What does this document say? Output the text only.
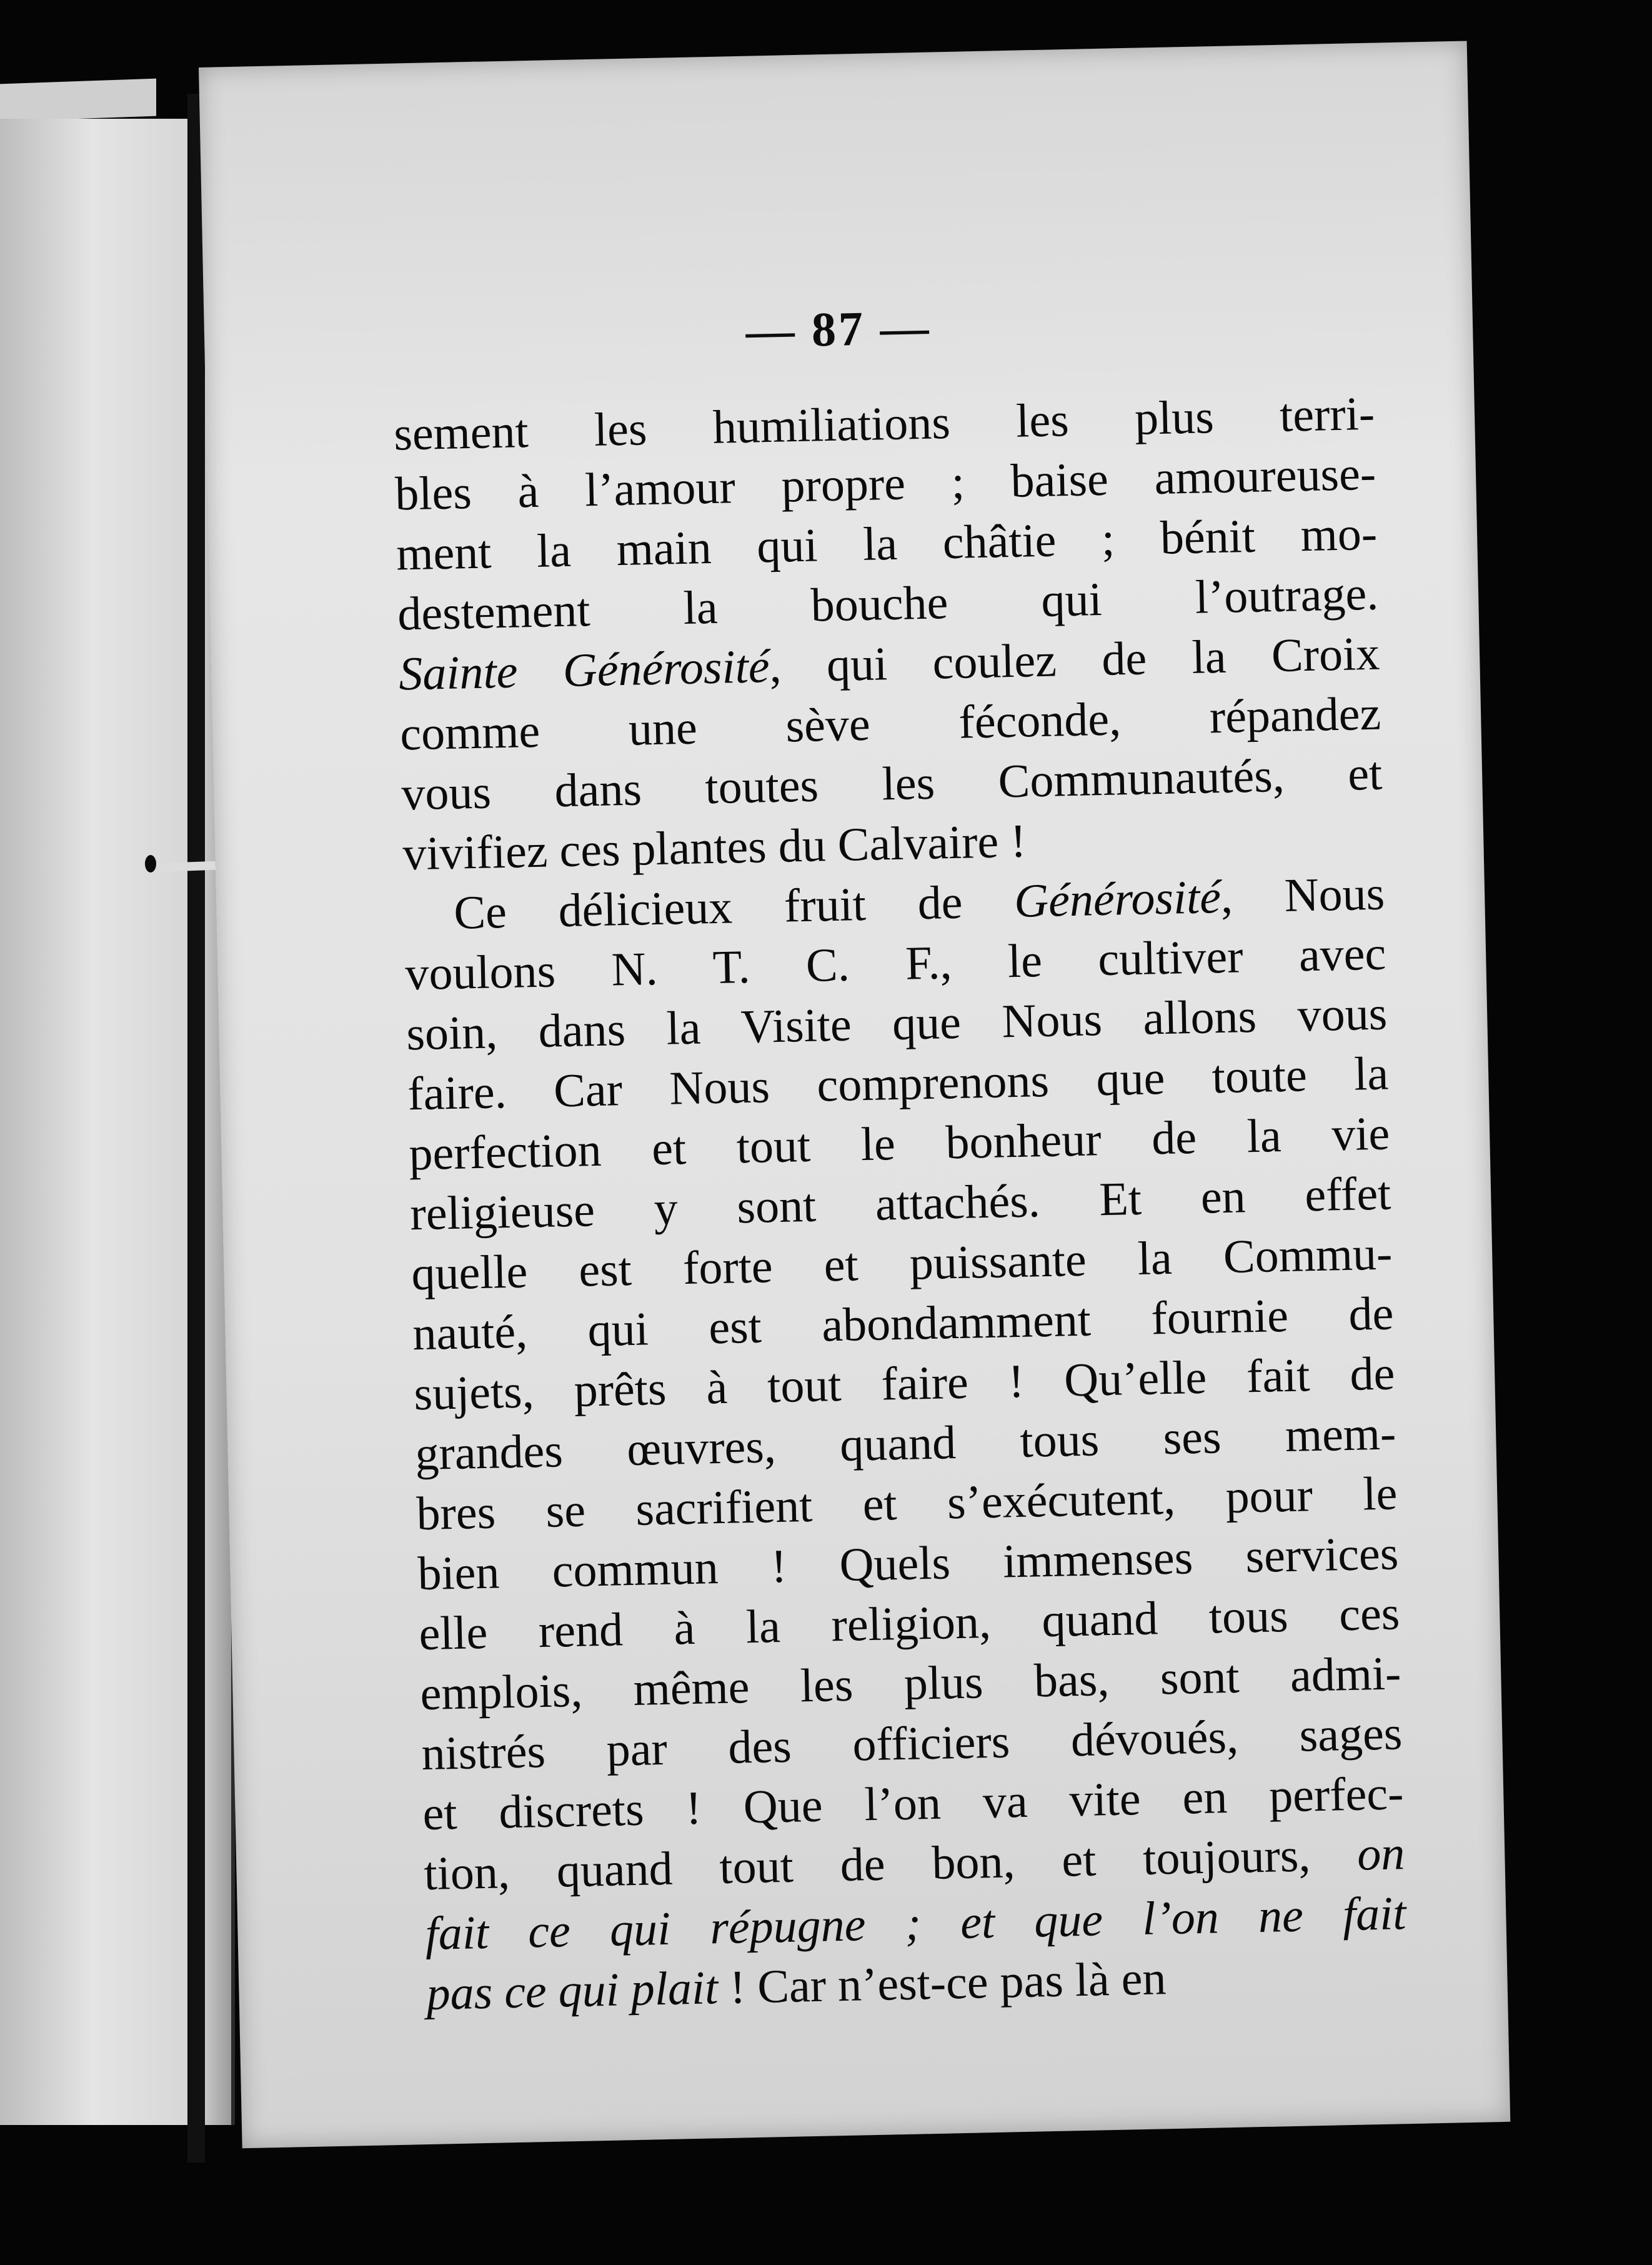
— 87 —
sement les humiliations les plus terri-
bles à l’amour propre ; baise amoureuse-
ment la main qui la châtie ; bénit mo-
destement la bouche qui l’outrage.
Sainte Générosité, qui coulez de la Croix
comme une sève féconde, répandez
vous dans toutes les Communautés, et
vivifiez ces plantes du Calvaire !
Ce délicieux fruit de Générosité, Nous
voulons N. T. C. F., le cultiver avec
soin, dans la Visite que Nous allons vous
faire. Car Nous comprenons que toute la
perfection et tout le bonheur de la vie
religieuse y sont attachés. Et en effet
quelle est forte et puissante la Commu-
nauté, qui est abondamment fournie de
sujets, prêts à tout faire ! Qu’elle fait de
grandes œuvres, quand tous ses mem-
bres se sacrifient et s’exécutent, pour le
bien commun ! Quels immenses services
elle rend à la religion, quand tous ces
emplois, même les plus bas, sont admi-
nistrés par des officiers dévoués, sages
et discrets ! Que l’on va vite en perfec-
tion, quand tout de bon, et toujours, on
fait ce qui répugne ; et que l’on ne fait
pas ce qui plait ! Car n’est-ce pas là en
